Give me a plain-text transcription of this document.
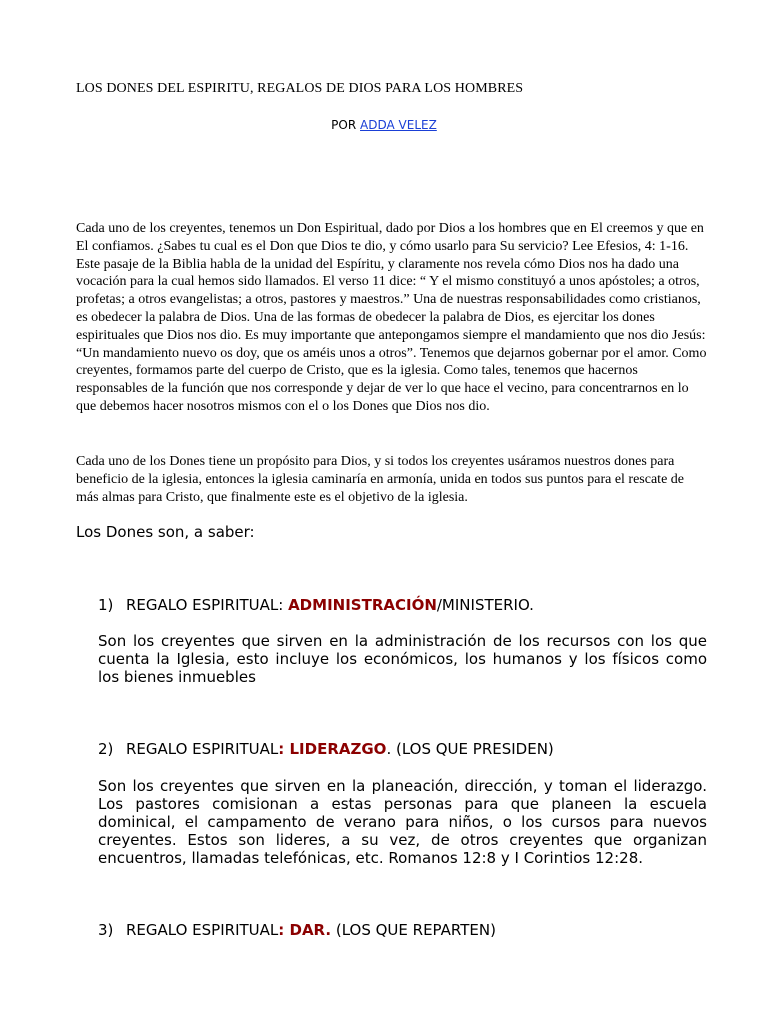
LOS DONES DEL ESPIRITU, REGALOS DE DIOS PARA LOS HOMBRES
POR ADDA VELEZ

Cada uno de los creyentes, tenemos un Don Espiritual, dado por Dios a los hombres que en El creemos y que en El confiamos. ¿Sabes tu cual es el Don que Dios te dio, y cómo usarlo para Su servicio? Lee Efesios, 4: 1-16. Este pasaje de la Biblia habla de la unidad del Espíritu, y claramente nos revela cómo Dios nos ha dado una vocación para la cual hemos sido llamados. El verso 11 dice: “ Y el mismo constituyó a unos apóstoles; a otros, profetas; a otros evangelistas; a otros, pastores y maestros.” Una de nuestras responsabilidades como cristianos, es obedecer la palabra de Dios. Una de las formas de obedecer la palabra de Dios, es ejercitar los dones espirituales que Dios nos dio. Es muy importante que antepongamos siempre el mandamiento que nos dio Jesús: “Un mandamiento nuevo os doy, que os améis unos a otros”. Tenemos que dejarnos gobernar por el amor. Como creyentes, formamos parte del cuerpo de Cristo, que es la iglesia. Como tales, tenemos que hacernos responsables de la función que nos corresponde y dejar de ver lo que hace el vecino, para concentrarnos en lo que debemos hacer nosotros mismos con el o los Dones que Dios nos dio.

Cada uno de los Dones tiene un propósito para Dios, y si todos los creyentes usáramos nuestros dones para beneficio de la iglesia, entonces la iglesia caminaría en armonía, unida en todos sus puntos para el rescate de más almas para Cristo, que finalmente este es el objetivo de la iglesia.

Los Dones son, a saber:
1) REGALO ESPIRITUAL: ADMINISTRACIÓN/MINISTERIO.

Son los creyentes que sirven en la administración de los recursos con los que cuenta la Iglesia, esto incluye los económicos, los humanos y los físicos como los bienes inmuebles

2) REGALO ESPIRITUAL: LIDERAZGO. (LOS QUE PRESIDEN)

Son los creyentes que sirven en la planeación, dirección, y toman el liderazgo. Los pastores comisionan a estas personas para que planeen la escuela dominical, el campamento de verano para niños, o los cursos para nuevos creyentes. Estos son lideres, a su vez, de otros creyentes que organizan encuentros, llamadas telefónicas, etc. Romanos 12:8 y I Corintios 12:28.

3) REGALO ESPIRITUAL: DAR. (LOS QUE REPARTEN)
